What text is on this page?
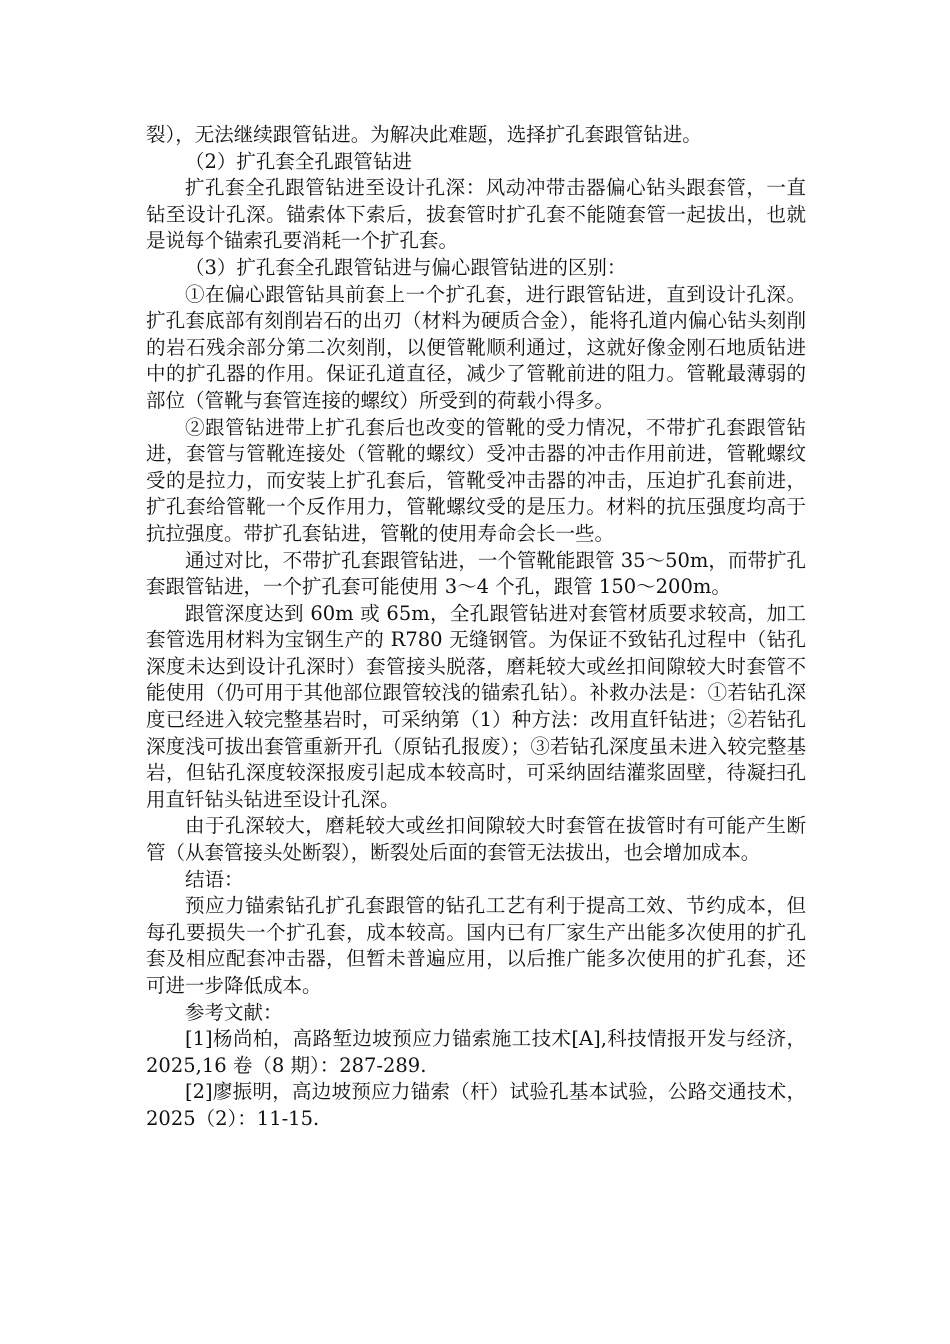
裂），无法继续跟管钻进。为解决此难题，选择扩孔套跟管钻进。

（2）扩孔套全孔跟管钻进

扩孔套全孔跟管钻进至设计孔深：风动冲带击器偏心钻头跟套管，一直钻至设计孔深。锚索体下索后，拔套管时扩孔套不能随套管一起拔出，也就是说每个锚索孔要消耗一个扩孔套。

（3）扩孔套全孔跟管钻进与偏心跟管钻进的区别：

①在偏心跟管钻具前套上一个扩孔套，进行跟管钻进，直到设计孔深。扩孔套底部有刻削岩石的出刃（材料为硬质合金），能将孔道内偏心钻头刻削的岩石残余部分第二次刻削，以便管靴顺利通过，这就好像金刚石地质钻进中的扩孔器的作用。保证孔道直径，减少了管靴前进的阻力。管靴最薄弱的部位（管靴与套管连接的螺纹）所受到的荷载小得多。

②跟管钻进带上扩孔套后也改变的管靴的受力情况，不带扩孔套跟管钻进，套管与管靴连接处（管靴的螺纹）受冲击器的冲击作用前进，管靴螺纹受的是拉力，而安装上扩孔套后，管靴受冲击器的冲击，压迫扩孔套前进，扩孔套给管靴一个反作用力，管靴螺纹受的是压力。材料的抗压强度均高于抗拉强度。带扩孔套钻进，管靴的使用寿命会长一些。

通过对比，不带扩孔套跟管钻进，一个管靴能跟管 35～50m，而带扩孔套跟管钻进，一个扩孔套可能使用 3～4 个孔，跟管 150～200m。

跟管深度达到 60m 或 65m，全孔跟管钻进对套管材质要求较高，加工套管选用材料为宝钢生产的 R780 无缝钢管。为保证不致钻孔过程中（钻孔深度未达到设计孔深时）套管接头脱落，磨耗较大或丝扣间隙较大时套管不能使用（仍可用于其他部位跟管较浅的锚索孔钻）。补救办法是：①若钻孔深度已经进入较完整基岩时，可采纳第（1）种方法：改用直钎钻进；②若钻孔深度浅可拔出套管重新开孔（原钻孔报废）；③若钻孔深度虽未进入较完整基岩，但钻孔深度较深报废引起成本较高时，可采纳固结灌浆固壁，待凝扫孔用直钎钻头钻进至设计孔深。

由于孔深较大，磨耗较大或丝扣间隙较大时套管在拔管时有可能产生断管（从套管接头处断裂），断裂处后面的套管无法拔出，也会增加成本。

结语：

预应力锚索钻孔扩孔套跟管的钻孔工艺有利于提高工效、节约成本，但每孔要损失一个扩孔套，成本较高。国内已有厂家生产出能多次使用的扩孔套及相应配套冲击器，但暂未普遍应用，以后推广能多次使用的扩孔套，还可进一步降低成本。

参考文献：

[1]杨尚柏，高路堑边坡预应力锚索施工技术[A],科技情报开发与经济，2025,16 卷（8 期）：287-289.

[2]廖振明，高边坡预应力锚索（杆）试验孔基本试验，公路交通技术，2025（2）：11-15.
